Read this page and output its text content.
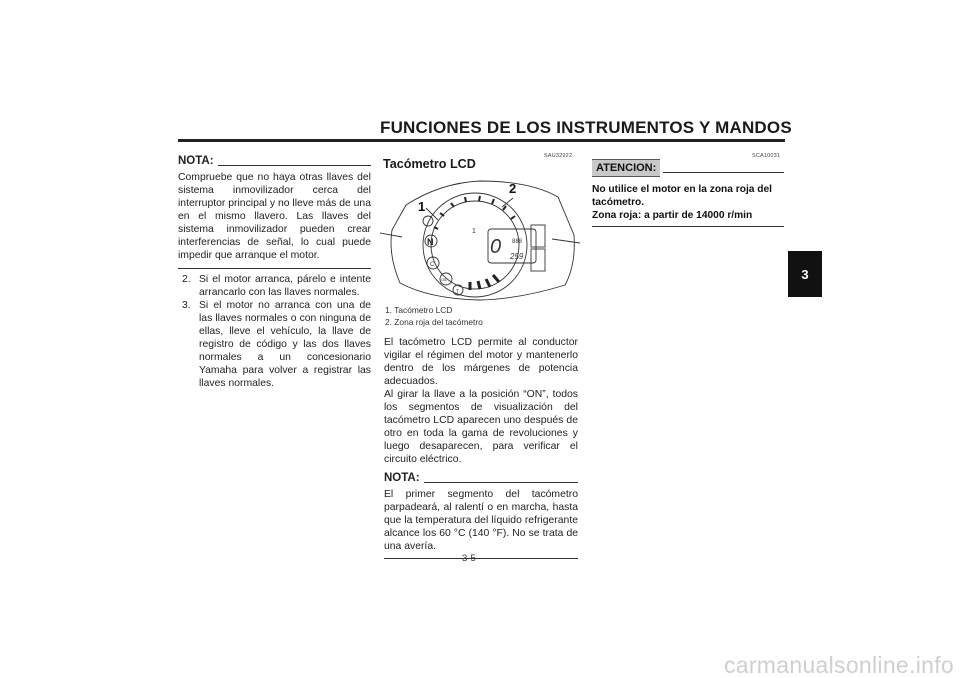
FUNCIONES DE LOS INSTRUMENTOS Y MANDOS
3
NOTA:
Compruebe que no haya otras llaves del sistema inmovilizador cerca del interruptor principal y no lleve más de una en el mismo llavero. Las llaves del sistema inmovilizador pueden crear interferencias de señal, lo cual puede impedir que arranque el motor.
2. Si el motor arranca, párelo e intente arrancarlo con las llaves normales.
3. Si el motor no arranca con una de las llaves normales o con ninguna de ellas, lleve el vehículo, la llave de registro de código y las dos llaves normales a un concesionario Yamaha para volver a registrar las llaves normales.
SAU32922
Tacómetro LCD
N
1
0 888
259
C
OIL
T
1
2
1. Tacómetro LCD
2. Zona roja del tacómetro
El tacómetro LCD permite al conductor vigilar el régimen del motor y mantenerlo dentro de los márgenes de potencia adecuados.
Al girar la llave a la posición “ON”, todos los segmentos de visualización del tacómetro LCD aparecen uno después de otro en toda la gama de revoluciones y luego desaparecen, para verificar el circuito eléctrico.
NOTA:
El primer segmento del tacómetro parpadeará, al ralentí o en marcha, hasta que la temperatura del líquido refrigerante alcance los 60 °C (140 °F). No se trata de una avería.
SCA10031
ATENCION:
No utilice el motor en la zona roja del tacómetro.
Zona roja: a partir de 14000 r/min
3-5
carmanualsonline.info
